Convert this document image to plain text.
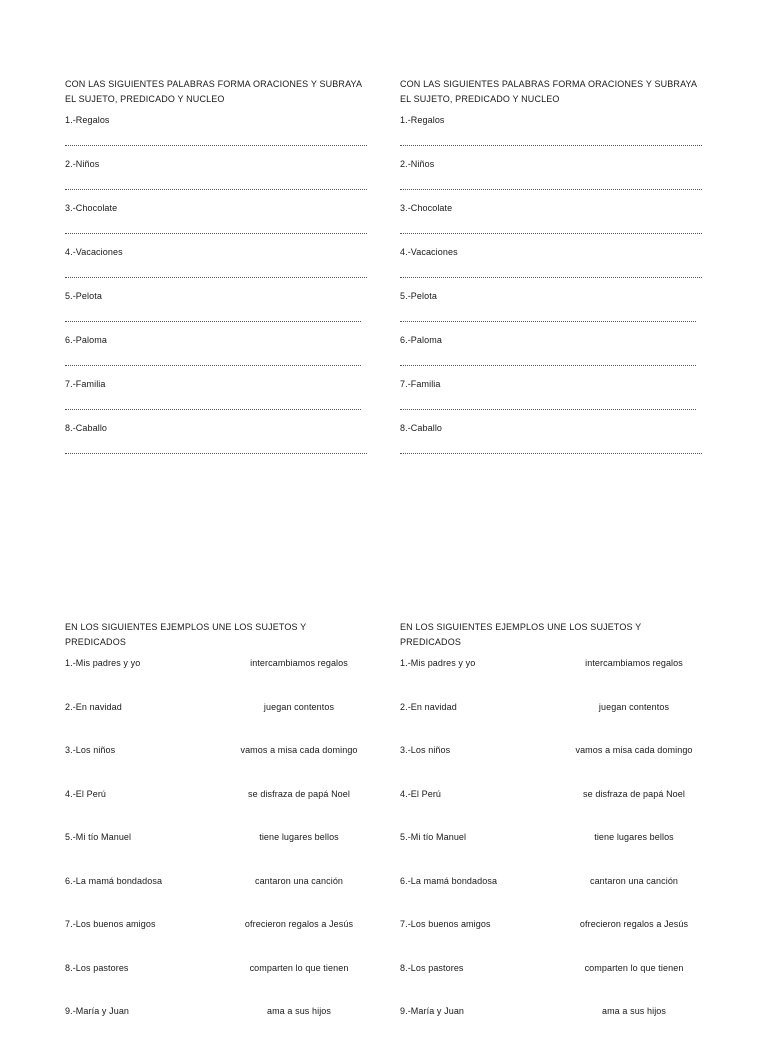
CON LAS SIGUIENTES PALABRAS FORMA ORACIONES Y SUBRAYA EL SUJETO, PREDICADO Y NUCLEO
1.-Regalos
2.-Niños
3.-Chocolate
4.-Vacaciones
5.-Pelota
6.-Paloma
7.-Familia
8.-Caballo
CON LAS SIGUIENTES PALABRAS FORMA ORACIONES Y SUBRAYA EL SUJETO, PREDICADO Y NUCLEO
1.-Regalos
2.-Niños
3.-Chocolate
4.-Vacaciones
5.-Pelota
6.-Paloma
7.-Familia
8.-Caballo
EN LOS SIGUIENTES EJEMPLOS UNE LOS SUJETOS Y PREDICADOS
1.-Mis padres y yo	intercambiamos regalos
2.-En navidad	juegan contentos
3.-Los niños	vamos a misa cada domingo
4.-El Perú	se disfraza de papá Noel
5.-Mi tío Manuel	tiene lugares bellos
6.-La mamá bondadosa	cantaron una canción
7.-Los buenos amigos	ofrecieron regalos a Jesús
8.-Los pastores	comparten lo que tienen
9.-María y Juan	ama a sus hijos
EN LOS SIGUIENTES EJEMPLOS UNE LOS SUJETOS Y PREDICADOS
1.-Mis padres y yo	intercambiamos regalos
2.-En navidad	juegan contentos
3.-Los niños	vamos a misa cada domingo
4.-El Perú	se disfraza de papá Noel
5.-Mi tío Manuel	tiene lugares bellos
6.-La mamá bondadosa	cantaron una canción
7.-Los buenos amigos	ofrecieron regalos a Jesús
8.-Los pastores	comparten lo que tienen
9.-María y Juan	ama a sus hijos
